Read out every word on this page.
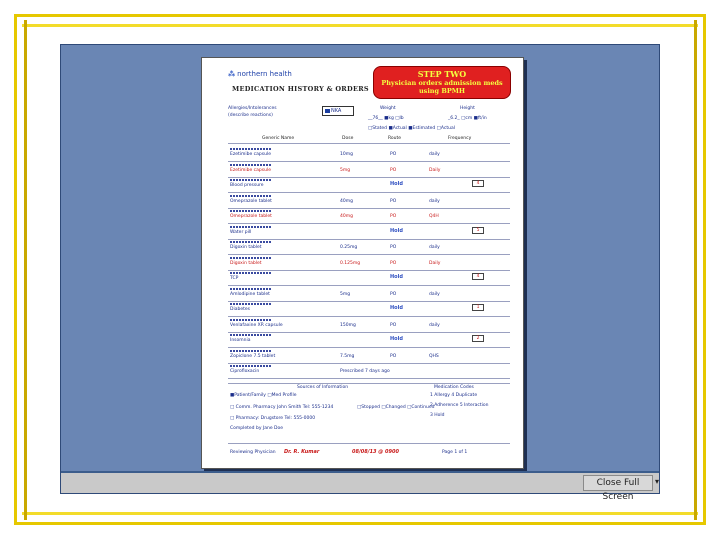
⁂ northern health
MEDICATION HISTORY & ORDERS
STEP TWO
Physician orders admission meds
using BPMH
Allergies/Intolerances
(describe reactions)
NKA	Weight	Height
__76__ ■kg □lb	_6.2_ □cm ■ft/in
□Stated ■Actual ■Estimated □Actual
Generic Name	Dose	Route	Frequency
Sources of Information
■Patient/Family □Med Profile
□ Comm. Pharmacy John Smith Tel: 555-1234
□ Pharmacy: Drugstore Tel: 555-0000
Completed by Jane Doe
□Stopped □Changed □Continued
Medication Codes
1 Allergy 4 Duplicate
2 Adherence 5 Interaction
3 Hold
Reviewing Physician Dr. R. Kumar	08/08/13 @ 0900	Page 1 of 1
Ezetimibe capsule	10mg	PO	daily
Ezetimibe capsule	5mg	PO	Daily
Blood pressure	Hold	4
Omeprazole tablet	40mg	PO	daily
Omeprazole tablet	40mg	PO	Q4H
Water pill	Hold	5
Digoxin tablet	0.25mg	PO	daily
Digoxin tablet	0.125mg	PO	Daily
TCP	Hold	4
Amlodipine tablet	5mg	PO	daily
Diabetes	Hold	1
Venlafaxine XR capsule	150mg	PO	daily
Insomnia	Hold	2
Zopiclone 7.5 tablet	7.5mg	PO	QHS
Ciprofloxacin	Prescribed 7 days ago
Close Full Screen
▾
